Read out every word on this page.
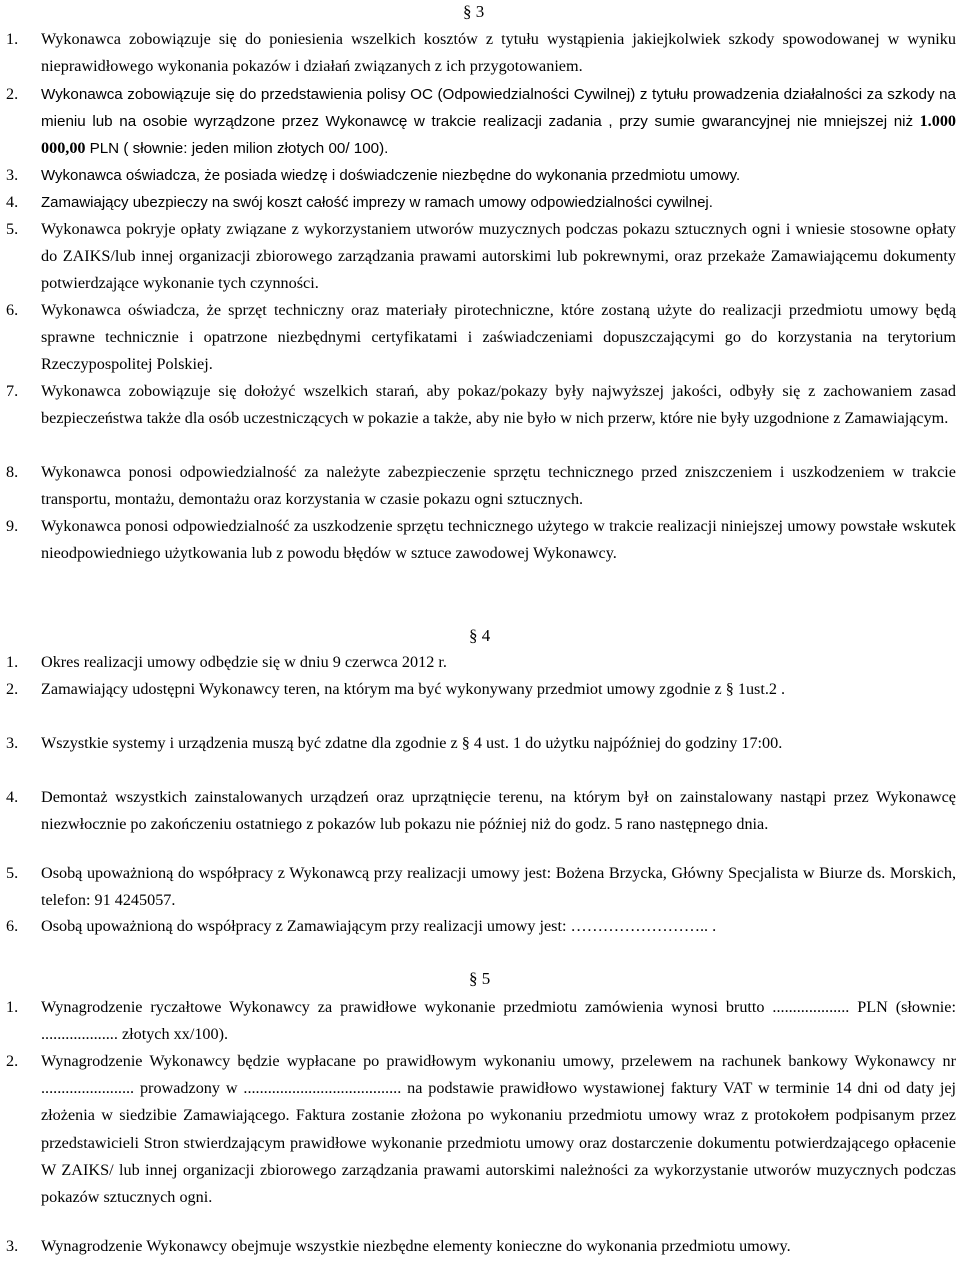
§ 3
1.	Wykonawca zobowiązuje się do poniesienia wszelkich kosztów z tytułu wystąpienia jakiejkolwiek szkody spowodowanej w wyniku nieprawidłowego wykonania pokazów i działań związanych z ich przygotowaniem.
2.	Wykonawca zobowiązuje się do przedstawienia polisy OC (Odpowiedzialności Cywilnej) z tytułu prowadzenia działalności za szkody na mieniu lub na osobie wyrządzone przez Wykonawcę w trakcie realizacji zadania , przy sumie gwarancyjnej nie mniejszej niż 1.000 000,00 PLN ( słownie: jeden milion złotych 00/ 100).
3.	Wykonawca oświadcza, że posiada wiedzę i doświadczenie niezbędne do wykonania przedmiotu umowy.
4.	Zamawiający ubezpieczy na swój koszt całość imprezy w ramach umowy odpowiedzialności cywilnej.
5.	Wykonawca pokryje opłaty związane z wykorzystaniem utworów muzycznych podczas pokazu sztucznych ogni i wniesie stosowne opłaty do ZAIKS/lub innej organizacji zbiorowego zarządzania prawami autorskimi lub pokrewnymi, oraz przekaże Zamawiającemu dokumenty potwierdzające wykonanie tych czynności.
6.	Wykonawca oświadcza, że sprzęt techniczny oraz materiały pirotechniczne, które zostaną użyte do realizacji przedmiotu umowy będą sprawne technicznie i opatrzone niezbędnymi certyfikatami i zaświadczeniami dopuszczającymi go do korzystania na terytorium Rzeczypospolitej Polskiej.
7.	Wykonawca zobowiązuje się dołożyć wszelkich starań, aby pokaz/pokazy były najwyższej jakości, odbyły się z zachowaniem zasad bezpieczeństwa także dla osób uczestniczących w pokazie a także, aby nie było w nich przerw, które nie były uzgodnione z Zamawiającym.
8.	Wykonawca ponosi odpowiedzialność za należyte zabezpieczenie sprzętu technicznego przed zniszczeniem i uszkodzeniem w trakcie transportu, montażu, demontażu oraz korzystania w czasie pokazu ogni sztucznych.
9.	Wykonawca ponosi odpowiedzialność za uszkodzenie sprzętu technicznego użytego w trakcie realizacji niniejszej umowy powstałe wskutek nieodpowiedniego użytkowania lub z powodu błędów w sztuce zawodowej Wykonawcy.
§ 4
1.	Okres realizacji umowy odbędzie się w dniu 9 czerwca 2012 r.
2.	Zamawiający udostępni Wykonawcy teren, na którym ma być wykonywany przedmiot umowy zgodnie z § 1ust.2 .
3.	Wszystkie systemy i urządzenia muszą być zdatne dla zgodnie z § 4 ust. 1 do użytku najpóźniej do godziny 17:00.
4.	Demontaż wszystkich zainstalowanych urządzeń oraz uprzątnięcie terenu, na którym był on zainstalowany nastąpi przez Wykonawcę niezwłocznie po zakończeniu ostatniego z pokazów lub pokazu nie później niż do godz. 5 rano następnego dnia.
5.	Osobą upoważnioną do współpracy z Wykonawcą przy realizacji umowy jest: Bożena Brzycka, Główny Specjalista w Biurze ds. Morskich, telefon: 91 4245057.
6.	Osobą upoważnioną do współpracy z Zamawiającym przy realizacji umowy jest: …………………….. .
§ 5
1.	Wynagrodzenie ryczałtowe Wykonawcy za prawidłowe wykonanie przedmiotu zamówienia wynosi brutto ................... PLN (słownie: ................... złotych xx/100).
2.	Wynagrodzenie Wykonawcy będzie wypłacane po prawidłowym wykonaniu umowy, przelewem na rachunek bankowy Wykonawcy nr ....................... prowadzony w ....................................... na podstawie prawidłowo wystawionej faktury VAT w terminie 14 dni od daty jej złożenia w siedzibie Zamawiającego. Faktura zostanie złożona po wykonaniu przedmiotu umowy wraz z protokołem podpisanym przez przedstawicieli Stron stwierdzającym prawidłowe wykonanie przedmiotu umowy oraz dostarczenie dokumentu potwierdzającego opłacenie W ZAIKS/ lub innej organizacji zbiorowego zarządzania prawami autorskimi należności za wykorzystanie utworów muzycznych podczas pokazów sztucznych ogni.
3.	Wynagrodzenie Wykonawcy obejmuje wszystkie niezbędne elementy konieczne do wykonania przedmiotu umowy.
